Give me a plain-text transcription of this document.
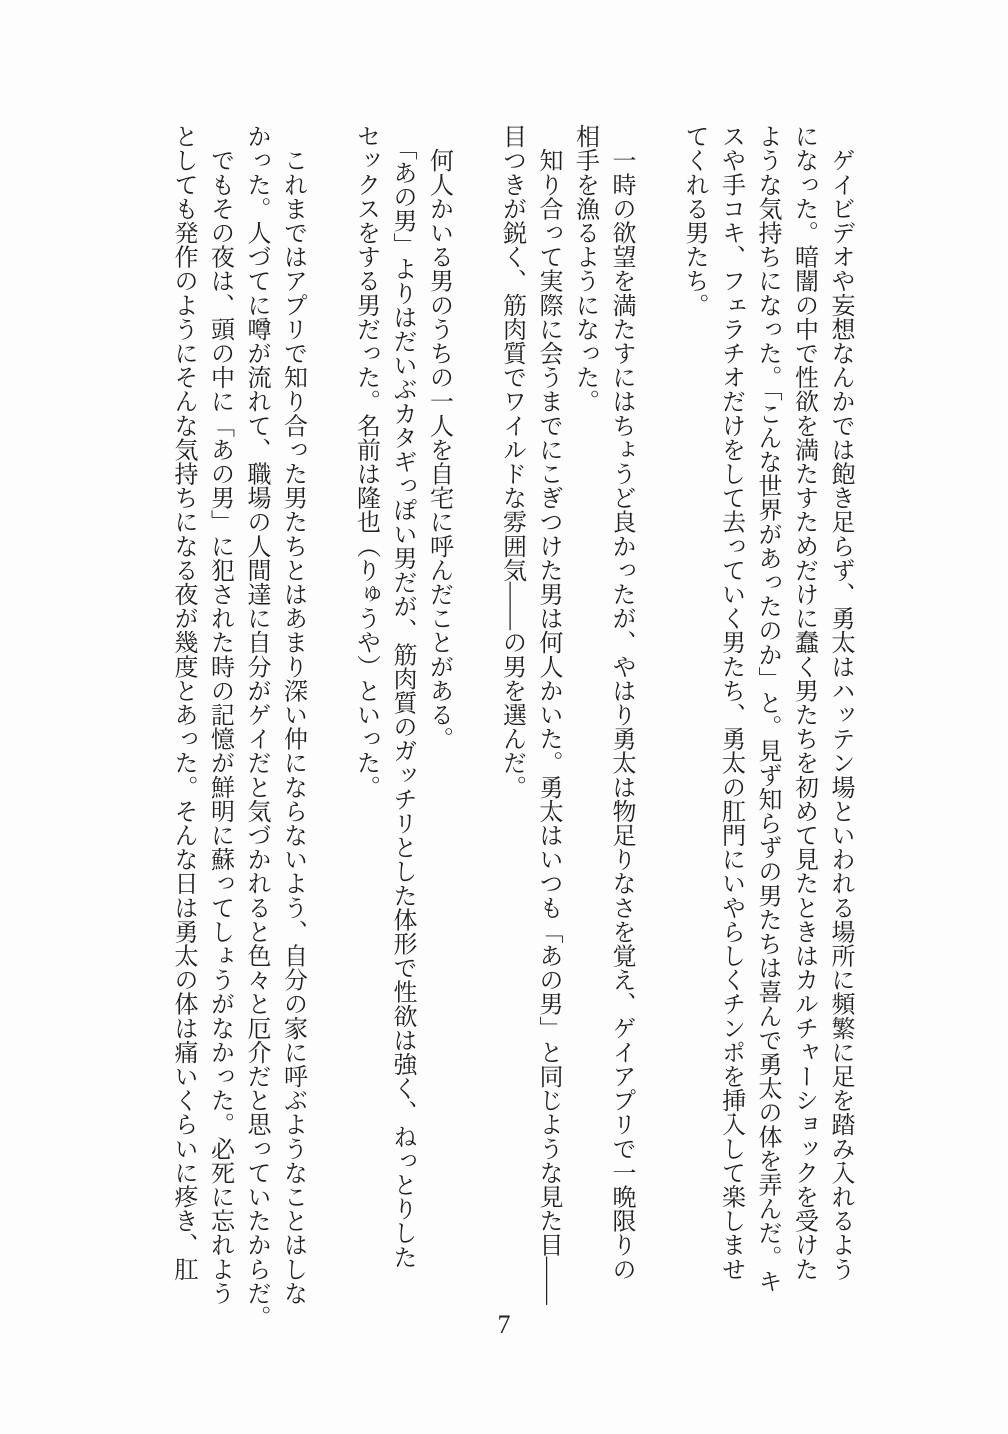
　ゲイビデオや妄想なんかでは飽き足らず、勇太はハッテン場といわれる場所に頻繁に足を踏み入れるよう

になった。暗闇の中で性欲を満たすためだけに蠢く男たちを初めて見たときはカルチャーショックを受けた

ような気持ちになった。「こんな世界があったのか」と。見ず知らずの男たちは喜んで勇太の体を弄んだ。キ

スや手コキ、フェラチオだけをして去っていく男たち、勇太の肛門にいやらしくチンポを挿入して楽しませ

てくれる男たち。

　一時の欲望を満たすにはちょうど良かったが、やはり勇太は物足りなさを覚え、ゲイアプリで一晩限りの

相手を漁るようになった。

　知り合って実際に会うまでにこぎつけた男は何人かいた。勇太はいつも「あの男」と同じような見た目――

目つきが鋭く、筋肉質でワイルドな雰囲気――の男を選んだ。

　何人かいる男のうちの一人を自宅に呼んだことがある。

　「あの男」よりはだいぶカタギっぽい男だが、筋肉質のガッチリとした体形で性欲は強く、ねっとりした

セックスをする男だった。名前は隆也（りゅうや）といった。

　これまではアプリで知り合った男たちとはあまり深い仲にならないよう、自分の家に呼ぶようなことはしな

かった。人づてに噂が流れて、職場の人間達に自分がゲイだと気づかれると色々と厄介だと思っていたからだ。

　でもその夜は、頭の中に「あの男」に犯された時の記憶が鮮明に蘇ってしょうがなかった。必死に忘れよう

としても発作のようにそんな気持ちになる夜が幾度とあった。そんな日は勇太の体は痛いくらいに疼き、肛

7
